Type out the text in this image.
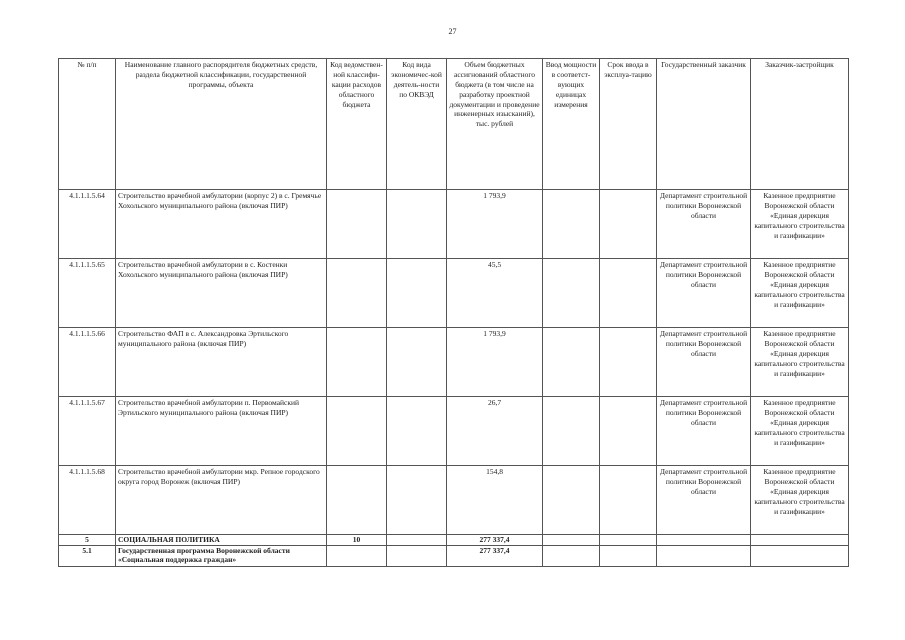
27
№ п/п	Наименование главного распорядителя бюджетных средств, раздела бюджетной классификации, государственной программы, объекта	Код ведомствен-ной классифи-кации расходов областного бюджета	Код вида экономичес-кой деятель-ности по ОКВЭД	Объем бюджетных ассигнований областного бюджета (в том числе на разработку проектной документации и проведение инженерных изысканий), тыс. рублей	Ввод мощности в соответст-вующих единицах измерения	Срок ввода в эксплуа-тацию	Государственный заказчик	Заказчик-застройщик
4.1.1.1.5.64	Строительство врачебной амбулатории (корпус 2) в с. Гремячье Хохольского муниципального района (включая ПИР)			1 793,9			Департамент строительной политики Воронежской области	Казенное предприятие Воронежской области «Единая дирекция капитального строительства и газификации»
4.1.1.1.5.65	Строительство врачебной амбулатории в с. Костенки Хохольского муниципального района (включая ПИР)			45,5			Департамент строительной политики Воронежской области	Казенное предприятие Воронежской области «Единая дирекция капитального строительства и газификации»
4.1.1.1.5.66	Строительство ФАП в с. Александровка Эртильского муниципального района (включая ПИР)			1 793,9			Департамент строительной политики Воронежской области	Казенное предприятие Воронежской области «Единая дирекция капитального строительства и газификации»
4.1.1.1.5.67	Строительство врачебной амбулатории п. Первомайский Эртильского муниципального района (включая ПИР)			26,7			Департамент строительной политики Воронежской области	Казенное предприятие Воронежской области «Единая дирекция капитального строительства и газификации»
4.1.1.1.5.68	Строительство врачебной амбулатории мкр. Репное городского округа город Воронеж (включая ПИР)			154,8			Департамент строительной политики Воронежской области	Казенное предприятие Воронежской области «Единая дирекция капитального строительства и газификации»
5	СОЦИАЛЬНАЯ ПОЛИТИКА	10		277 337,4				
5.1	Государственная программа Воронежской области «Социальная поддержка граждан»			277 337,4				
